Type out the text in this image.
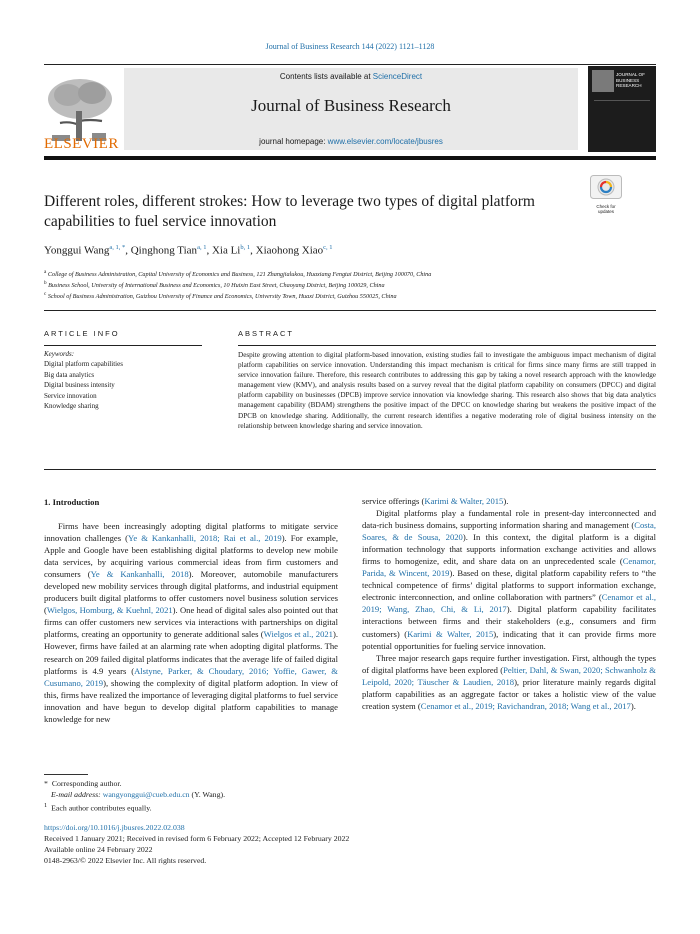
Journal of Business Research 144 (2022) 1121–1128
ELSEVIER
Contents lists available at ScienceDirect
Journal of Business Research
journal homepage: www.elsevier.com/locate/jbusres
JOURNAL OF BUSINESS RESEARCH
Different roles, different strokes: How to leverage two types of digital platform capabilities to fuel service innovation
Check for updates
Yonggui Wang$^{a, 1, *}$, Qinghong Tian$^{a, 1}$, Xia Li$^{b, 1}$, Xiaohong Xiao$^{c, 1}$
$^a$ College of Business Administration, Capital University of Economics and Business, 121 Zhangjialukou, Huaxiang Fengtai District, Beijing 100070, China
$^b$ Business School, University of International Business and Economics, 10 Huixin East Street, Chaoyang District, Beijing 100029, China
$^c$ School of Business Administration, Guizhou University of Finance and Economics, University Town, Huaxi District, Guizhou 550025, China
ARTICLE INFO
Keywords:
Digital platform capabilities
Big data analytics
Digital business intensity
Service innovation
Knowledge sharing
ABSTRACT
Despite growing attention to digital platform-based innovation, existing studies fail to investigate the ambiguous impact mechanism of digital platform capabilities on service innovation. Understanding this impact mechanism is critical for firms since many firms are still trapped in service innovation failure. Therefore, this research contributes to addressing this gap by taking a novel research approach with the knowledge management view (KMV), and analysis results based on a survey reveal that the digital platform capability on consumers (DPCC) and digital platform capability on businesses (DPCB) improve service innovation via knowledge sharing. This research also shows that big data analytics management capability (BDAM) strengthens the positive impact of the DPCC on knowledge sharing but weakens the positive impact of the DPCB on knowledge sharing. Additionally, the current research identifies a negative moderating role of digital business intensity on the relationship between knowledge sharing and service innovation.
1. Introduction

Firms have been increasingly adopting digital platforms to mitigate service innovation challenges (Ye & Kankanhalli, 2018; Rai et al., 2019). For example, Apple and Google have been establishing digital platforms to develop new mobile data services, by acquiring various commercial ideas from firm customers and consumers (Ye & Kankanhalli, 2018). Moreover, automobile manufacturers developed new mobility services through digital platforms, and industrial equipment producers built digital platforms to offer customers novel business solution services (Wielgos, Homburg, & Kuehnl, 2021). One head of digital sales also pointed out that firms can offer customers new services via interactions with partnerships on digital platforms, creating an opportunity to generate additional sales (Wielgos et al., 2021). However, firms have failed at an alarming rate when adopting digital platforms. The research on 209 failed digital platforms indicates that the average life of failed digital platforms is 4.9 years (Alstyne, Parker, & Choudary, 2016; Yoffie, Gawer, & Cusumano, 2019), showing the complexity of digital platform adoption. In view of this, firms have realized the importance of leveraging digital platforms to fuel service innovation and have begun to develop digital platform capabilities to manage knowledge for new

service offerings (Karimi & Walter, 2015).

Digital platforms play a fundamental role in present-day interconnected and data-rich business domains, supporting information sharing and management (Costa, Soares, & de Sousa, 2020). In this context, the digital platform is a digital information technology that supports information exchange activities and allows firms to homogenize, edit, and share data on an unprecedented scale (Cenamor, Parida, & Wincent, 2019). Based on these, digital platform capability refers to “the technical competence of firms’ digital platforms to support information exchange, electronic interconnection, and online collaboration with partners” (Cenamor et al., 2019; Wang, Zhao, Chi, & Li, 2017). Digital platform capability facilitates interactions between firms and their stakeholders (e.g., consumers and firm customers) (Karimi & Walter, 2015), indicating that it can provide firms more potential opportunities for fueling service innovation.

Three major research gaps require further investigation. First, although the types of digital platforms have been explored (Peltier, Dahl, & Swan, 2020; Schwanholz & Leipold, 2020; Täuscher & Laudien, 2018), prior literature mainly regards digital platform capabilities as an aggregate factor or takes a holistic view of the value creation system (Cenamor et al., 2019; Ravichandran, 2018; Wang et al., 2017).

* Corresponding author.
E-mail address: wangyonggui@cueb.edu.cn (Y. Wang).
$^1$ Each author contributes equally.
https://doi.org/10.1016/j.jbusres.2022.02.038
Received 1 January 2021; Received in revised form 6 February 2022; Accepted 12 February 2022
Available online 24 February 2022
0148-2963/© 2022 Elsevier Inc. All rights reserved.
